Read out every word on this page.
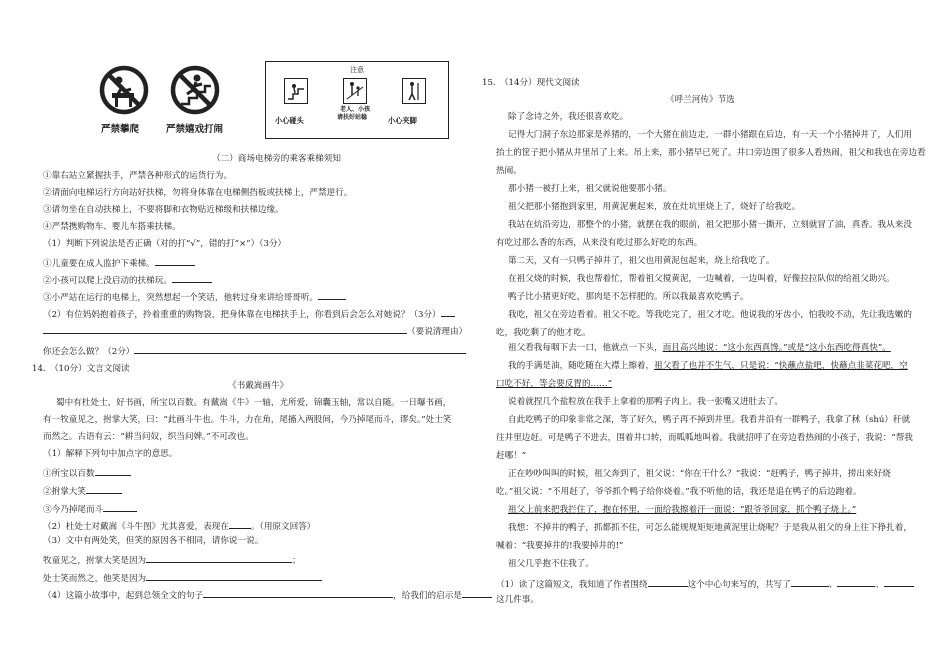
严禁攀爬	严禁嬉戏打闹
注意
小心碰头
老人、小孩
请扶好站稳	小心夹脚
（二）商场电梯旁的乘客乘梯须知
①靠右站立紧握扶手，严禁各种形式的运货行为。
②请面向电梯运行方向站好扶梯，勿将身体靠在电梯侧挡板或扶梯上，严禁逆行。
③请勿坐在自动扶梯上，不要将脚和衣物贴近梯级和扶梯边缘。
④严禁携购物车、婴儿车搭乘扶梯。
（1）判断下列说法是否正确（对的打“√”，错的打“×”）（3分）
①儿童要在成人监护下乘梯。
②小孩可以爬上没启动的扶梯玩。
③小严站在运行的电梯上，突然想起一个笑话，他转过身来讲给哥哥听。
（2）有位妈妈抱着孩子，拎着重重的购物袋，把身体靠在电梯扶手上，你看到后会怎么对她说？（3分）
（要说清理由）
你还会怎么做？（2分）
14.　（10分）文言文阅读
《书戴嵩画牛》
蜀中有杜处士，好书画，所宝以百数。有戴嵩《牛》一轴，尤所爱，锦囊玉轴，常以自随。一日曝书画，
有一牧童见之，拊掌大笑，曰：“此画斗牛也。牛斗，力在角，尾搐入两股间，今乃掉尾而斗，谬矣。”处士笑
而然之。古语有云：“耕当问奴，织当问婢。”不可改也。
（1）解释下列句中加点字的意思。
①所宝以百数
②拊掌大笑
③今乃掉尾而斗
（2）杜处士对戴嵩《斗牛图》尤其喜爱，表现在	。（用原文回答）
（3）文中有两处笑，但笑的原因各不相同，请你说一说。
牧童见之，拊掌大笑是因为	；
处士笑而然之，他笑是因为
（4）这篇小故事中，起到总领全文的句子	，给我们的启示是
15.　（14分）现代文阅读
《呼兰河传》节选
除了念诗之外，我还很喜欢吃。
记得大门洞子东边那家是养猪的，一个大猪在前边走，一群小猪跟在后边，有一天一个小猪掉井了，人们用
抬土的筐子把小猪从井里吊了上来。吊上来，那小猪早已死了。井口旁边围了很多人看热闹，祖父和我也在旁边看
热闹。
那小猪一被打上来，祖父就说他要那小猪。
祖父把那小猪抱到家里，用黄泥裹起来，放在灶坑里烧上了，烧好了给我吃。
我站在炕沿旁边，那整个的小猪，就摆在我的眼前，祖父把那小猪一撕开，立刻就冒了油，真香。我从来没
有吃过那么香的东西，从来没有吃过那么好吃的东西。
第二天，又有一只鸭子掉井了，祖父也用黄泥包起来，烧上给我吃了。
在祖父烧的时候，我也帮着忙，帮着祖父搅黄泥，一边喊着，一边叫着，好像拉拉队似的给祖父助兴。
鸭子比小猪更好吃，那肉是不怎样肥的。所以我最喜欢吃鸭子。
我吃，祖父在旁边看着。祖父不吃。等我吃完了，祖父才吃。他说我的牙齿小，怕我咬不动，先让我选嫩的
吃，我吃剩了的他才吃。
祖父看我每咽下去一口，他就点一下头，而且高兴地说：“这小东西真馋。”或是“这小东西吃得真快”。
我的手满是油，随吃随在大襟上擦着，祖父看了也并不生气，只是说：“快蘸点盐吧，快蘸点韭菜花吧，空
口吃不好，等会要反胃的……”
说着就捏几个盐粒放在我手上拿着的那鸭子肉上。我一张嘴又进肚去了。
自此吃鸭子的印象非常之深，等了好久，鸭子再不掉到井里。我看井沿有一群鸭子，我拿了秫（shú）秆就
往井里边赶。可是鸭子不进去，围着井口转，而呱呱地叫着。我就招呼了在旁边看热闹的小孩子，我说：“帮我
赶哪！”
正在吵吵叫叫的时候，祖父奔到了，祖父说：“你在干什么？”我说：“赶鸭子，鸭子掉井，捞出来好烧
吃。”祖父说：“不用赶了，爷爷抓个鸭子给你烧着。”我不听他的话，我还是追在鸭子的后边跑着。
祖父上前来把我拦住了，抱在怀里，一面给我擦着汗一面说：“跟爷爷回家，抓个鸭子烧上。”
我想：不掉井的鸭子，抓都抓不住，可怎么能规规矩矩地黄泥里让烧呢？于是我从祖父的身上往下挣扎着，
喊着：“我要掉井的!我要掉井的!”
祖父几乎抱不住我了。
（1）读了这篇短文，我知道了作者围绕	这个中心句来写的，共写了	、	、
这几件事。
